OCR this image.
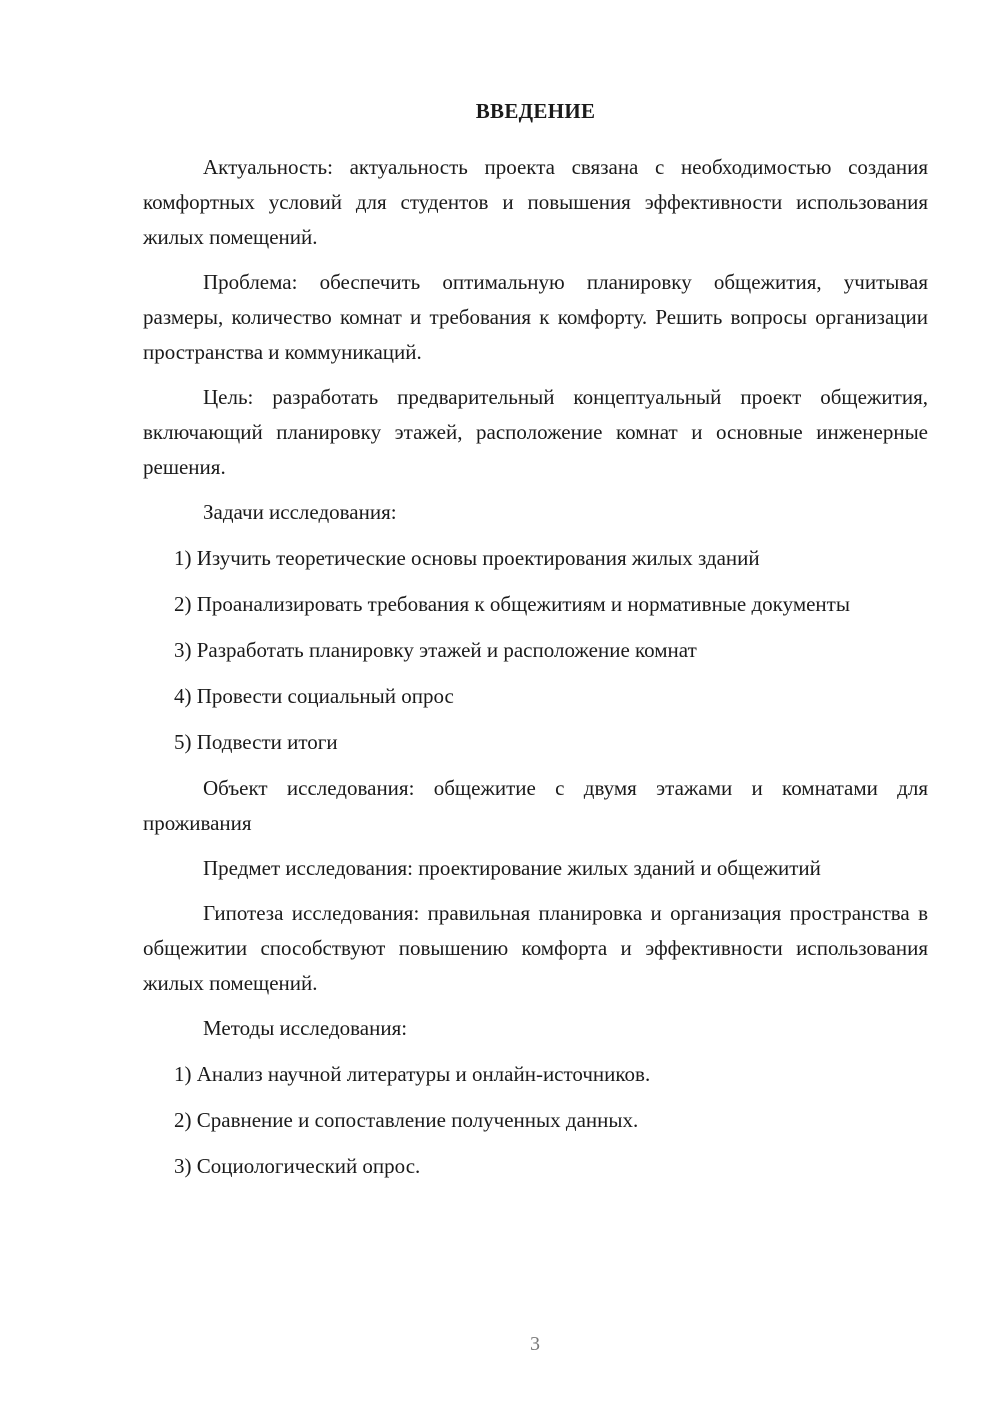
ВВЕДЕНИЕ

Актуальность: актуальность проекта связана с необходимостью создания комфортных условий для студентов и повышения эффективности использования жилых помещений.

Проблема: обеспечить оптимальную планировку общежития, учитывая размеры, количество комнат и требования к комфорту. Решить вопросы организации пространства и коммуникаций.

Цель: разработать предварительный концептуальный проект общежития, включающий планировку этажей, расположение комнат и основные инженерные решения.

Задачи исследования:

1) Изучить теоретические основы проектирования жилых зданий

2) Проанализировать требования к общежитиям и нормативные документы

3) Разработать планировку этажей и расположение комнат

4) Провести социальный опрос

5) Подвести итоги

Объект исследования: общежитие с двумя этажами и комнатами для проживания

Предмет исследования: проектирование жилых зданий и общежитий

Гипотеза исследования: правильная планировка и организация пространства в общежитии способствуют повышению комфорта и эффективности использования жилых помещений.

Методы исследования:

1) Анализ научной литературы и онлайн-источников.

2) Сравнение и сопоставление полученных данных.

3) Социологический опрос.

3
